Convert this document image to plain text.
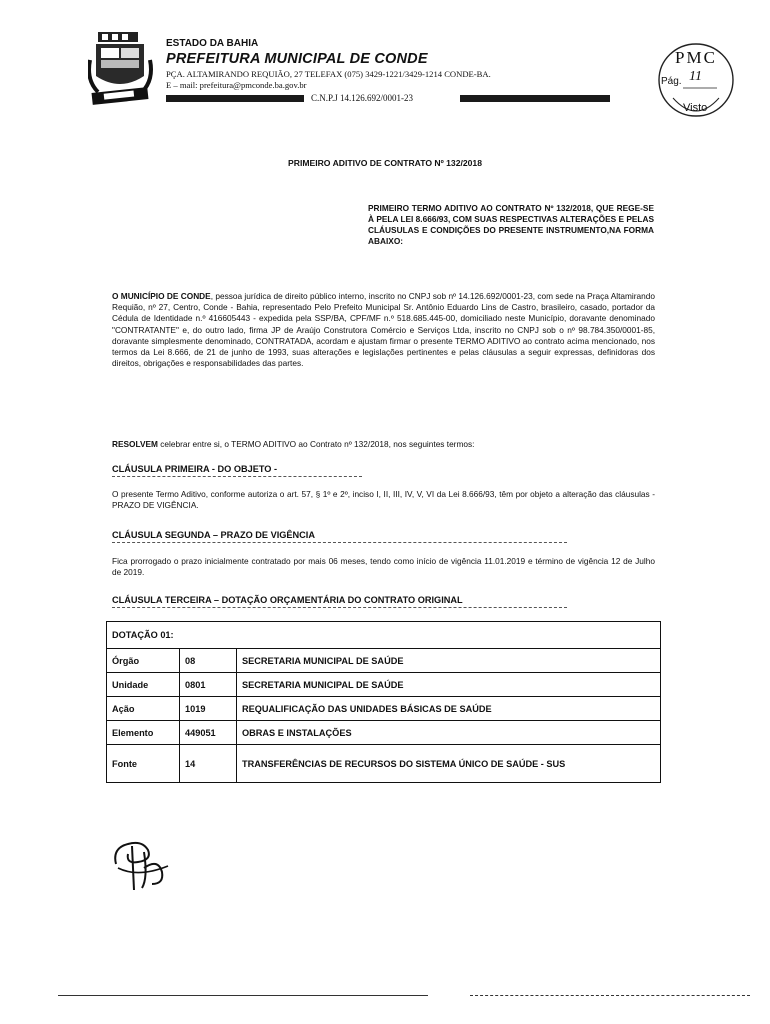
ESTADO DA BAHIA
PREFEITURA MUNICIPAL DE CONDE
PÇA. ALTAMIRANDO REQUIÃO, 27 TELEFAX (075) 3429-1221/3429-1214 CONDE-BA.
E – mail: prefeitura@pmconde.ba.gov.br
C.N.P.J 14.126.692/0001-23
PMC
Pág. 11
Visto
PRIMEIRO ADITIVO DE CONTRATO Nº 132/2018
PRIMEIRO TERMO ADITIVO AO CONTRATO Nº 132/2018, QUE REGE-SE À PELA LEI 8.666/93, COM SUAS RESPECTIVAS ALTERAÇÕES E PELAS CLÁUSULAS E CONDIÇÕES DO PRESENTE INSTRUMENTO,NA FORMA ABAIXO:
O MUNICÍPIO DE CONDE, pessoa jurídica de direito público interno, inscrito no CNPJ sob nº 14.126.692/0001-23, com sede na Praça Altamirando Requião, nº 27, Centro, Conde - Bahia, representado Pelo Prefeito Municipal Sr. Antônio Eduardo Lins de Castro, brasileiro, casado, portador da Cédula de Identidade n.º 416605443 - expedida pela SSP/BA, CPF/MF n.º 518.685.445-00, domiciliado neste Município, doravante denominado "CONTRATANTE" e, do outro lado, firma JP de Araújo Construtora Comércio e Serviços Ltda, inscrito no CNPJ sob o nº 98.784.350/0001-85, doravante simplesmente denominado, CONTRATADA, acordam e ajustam firmar o presente TERMO ADITIVO ao contrato acima mencionado, nos termos da Lei 8.666, de 21 de junho de 1993, suas alterações e legislações pertinentes e pelas cláusulas a seguir expressas, definidoras dos direitos, obrigações e responsabilidades das partes.
RESOLVEM celebrar entre si, o TERMO ADITIVO ao Contrato nº 132/2018, nos seguintes termos:
CLÁUSULA PRIMEIRA - DO OBJETO -
O presente Termo Aditivo, conforme autoriza o art. 57, § 1º e 2º, inciso I, II, III, IV, V, VI da Lei 8.666/93, têm por objeto a alteração das cláusulas - PRAZO DE VIGÊNCIA.
CLÁUSULA SEGUNDA – PRAZO DE VIGÊNCIA
Fica prorrogado o prazo inicialmente contratado por mais 06 meses, tendo como início de vigência 11.01.2019 e término de vigência 12 de Julho de 2019.
CLÁUSULA TERCEIRA – DOTAÇÃO ORÇAMENTÁRIA DO CONTRATO ORIGINAL
DOTAÇÃO 01:		
Órgão	08	SECRETARIA MUNICIPAL DE SAÚDE
Unidade	0801	SECRETARIA MUNICIPAL DE SAÚDE
Ação	1019	REQUALIFICAÇÃO DAS UNIDADES BÁSICAS DE SAÚDE
Elemento	449051	OBRAS E INSTALAÇÕES
Fonte	14	TRANSFERÊNCIAS DE RECURSOS DO SISTEMA ÚNICO DE SAÚDE - SUS
